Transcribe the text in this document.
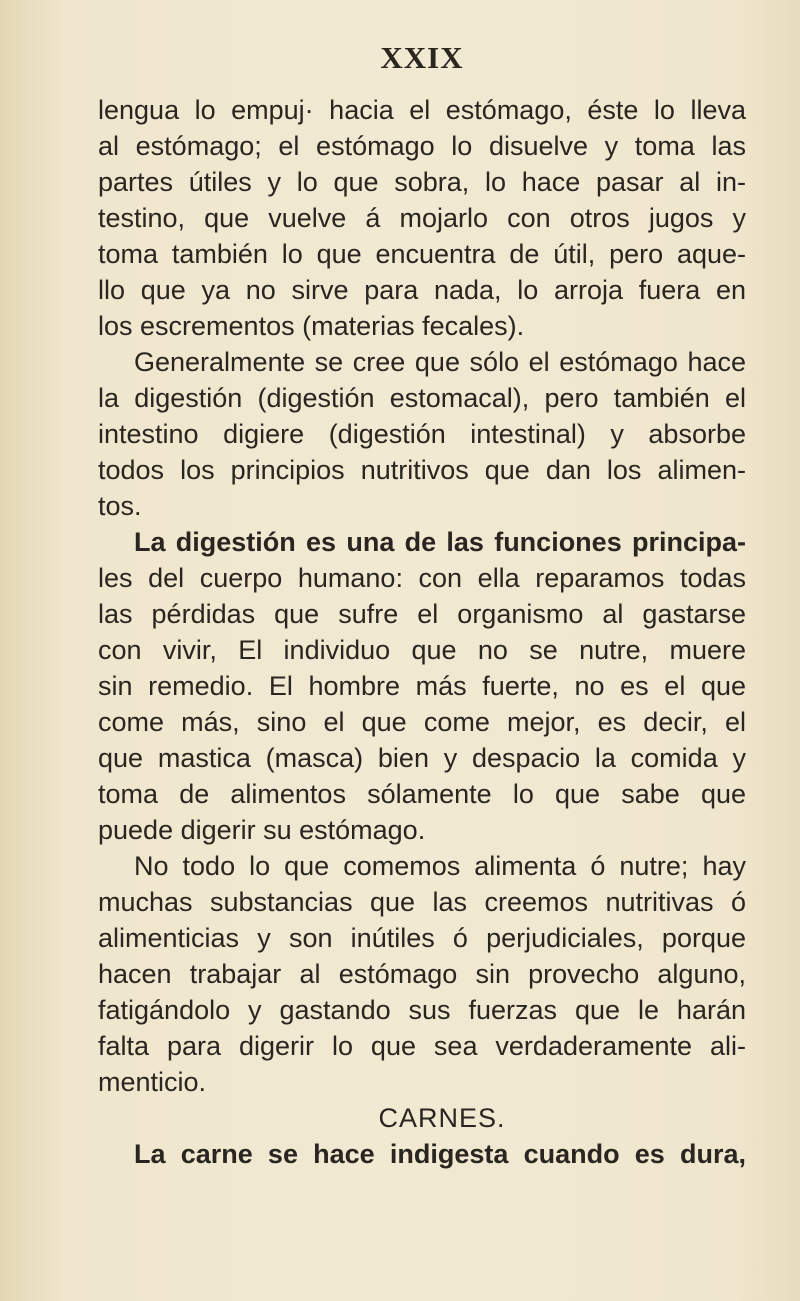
XXIX
lengua lo empuj· hacia el estómago, éste lo lleva
al estómago; el estómago lo disuelve y toma las
partes útiles y lo que sobra, lo hace pasar al in-
testino, que vuelve á mojarlo con otros jugos y
toma también lo que encuentra de útil, pero aque-
llo que ya no sirve para nada, lo arroja fuera en
los escrementos (materias fecales).
Generalmente se cree que sólo el estómago hace
la digestión (digestión estomacal), pero también el
intestino digiere (digestión intestinal) y absorbe
todos los principios nutritivos que dan los alimen-
tos.
La digestión es una de las funciones principa-
les del cuerpo humano: con ella reparamos todas
las pérdidas que sufre el organismo al gastarse
con vivir, El individuo que no se nutre, muere
sin remedio. El hombre más fuerte, no es el que
come más, sino el que come mejor, es decir, el
que mastica (masca) bien y despacio la comida y
toma de alimentos sólamente lo que sabe que
puede digerir su estómago.
No todo lo que comemos alimenta ó nutre; hay
muchas substancias que las creemos nutritivas ó
alimenticias y son inútiles ó perjudiciales, porque
hacen trabajar al estómago sin provecho alguno,
fatigándolo y gastando sus fuerzas que le harán
falta para digerir lo que sea verdaderamente ali-
menticio.
CARNES.
La carne se hace indigesta cuando es dura,
